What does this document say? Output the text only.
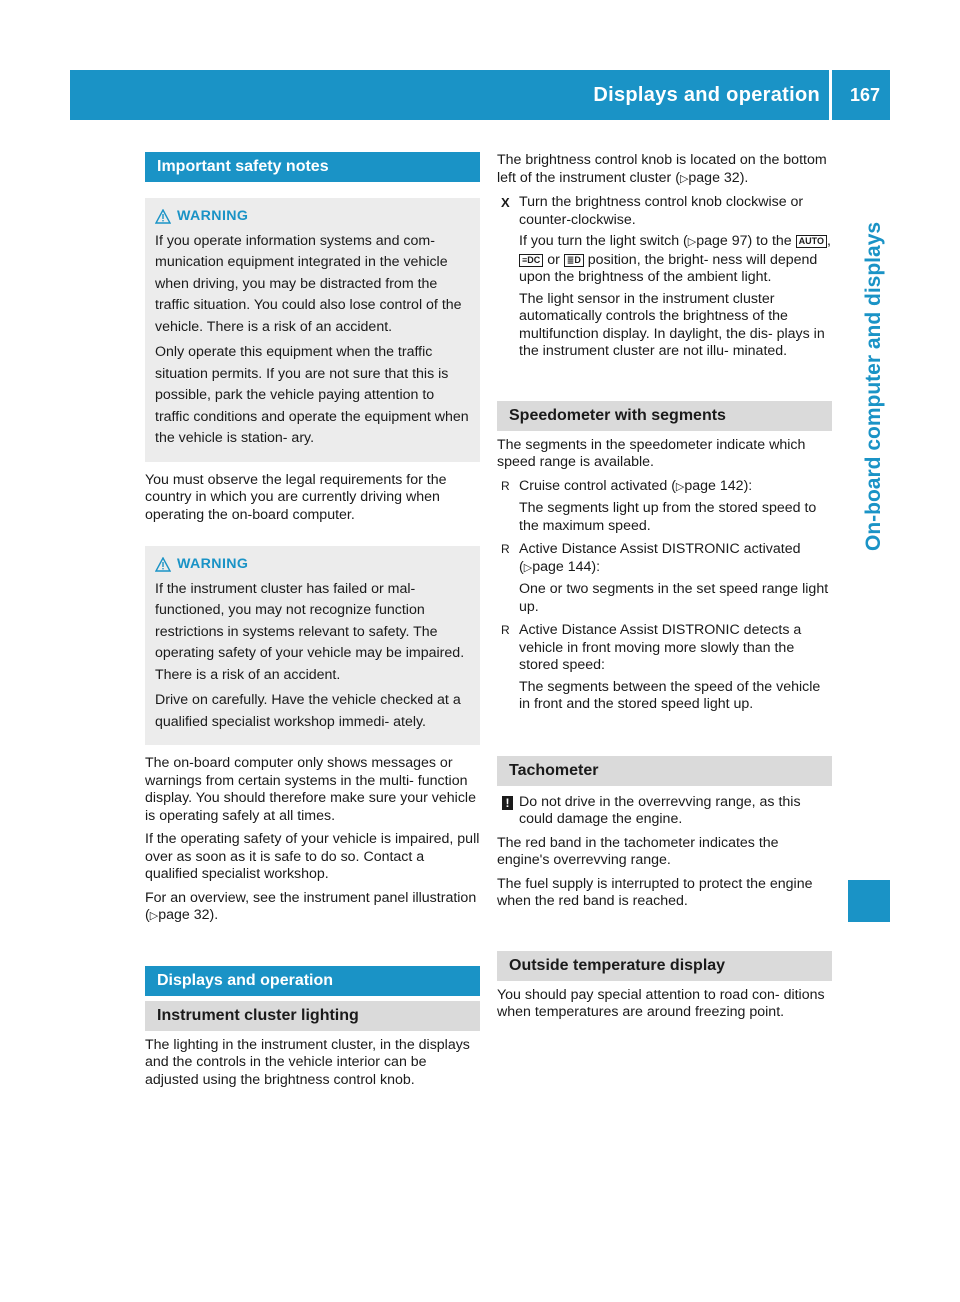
Displays and operation 167
On-board computer and displays
Important safety notes
WARNING

If you operate information systems and com- munication equipment integrated in the vehicle when driving, you may be distracted from the traffic situation. You could also lose control of the vehicle. There is a risk of an accident.

Only operate this equipment when the traffic situation permits. If you are not sure that this is possible, park the vehicle paying attention to traffic conditions and operate the equipment when the vehicle is station- ary.

You must observe the legal requirements for the country in which you are currently driving when operating the on-board computer.

WARNING

If the instrument cluster has failed or mal- functioned, you may not recognize function restrictions in systems relevant to safety. The operating safety of your vehicle may be impaired. There is a risk of an accident.

Drive on carefully. Have the vehicle checked at a qualified specialist workshop immedi- ately.

The on-board computer only shows messages or warnings from certain systems in the multi- function display. You should therefore make sure your vehicle is operating safely at all times.

If the operating safety of your vehicle is impaired, pull over as soon as it is safe to do so. Contact a qualified specialist workshop.

For an overview, see the instrument panel illustration (▷page 32).

Displays and operation
Instrument cluster lighting

The lighting in the instrument cluster, in the displays and the controls in the vehicle interior can be adjusted using the brightness control knob.

The brightness control knob is located on the bottom left of the instrument cluster (▷page 32).

X Turn the brightness control knob clockwise or counter-clockwise.

If you turn the light switch (▷page 97) to the AUTO , ≡DC or ≣D position, the bright- ness will depend upon the brightness of the ambient light.

The light sensor in the instrument cluster automatically controls the brightness of the multifunction display. In daylight, the dis- plays in the instrument cluster are not illu- minated.

Speedometer with segments

The segments in the speedometer indicate which speed range is available.

R Cruise control activated (▷page 142):

The segments light up from the stored speed to the maximum speed.

R Active Distance Assist DISTRONIC activated (▷page 144):

One or two segments in the set speed range light up.

R Active Distance Assist DISTRONIC detects a vehicle in front moving more slowly than the stored speed:

The segments between the speed of the vehicle in front and the stored speed light up.

Tachometer
! Do not drive in the overrevving range, as this could damage the engine.

The red band in the tachometer indicates the engine's overrevving range.

The fuel supply is interrupted to protect the engine when the red band is reached.

Outside temperature display

You should pay special attention to road con- ditions when temperatures are around freezing point.
